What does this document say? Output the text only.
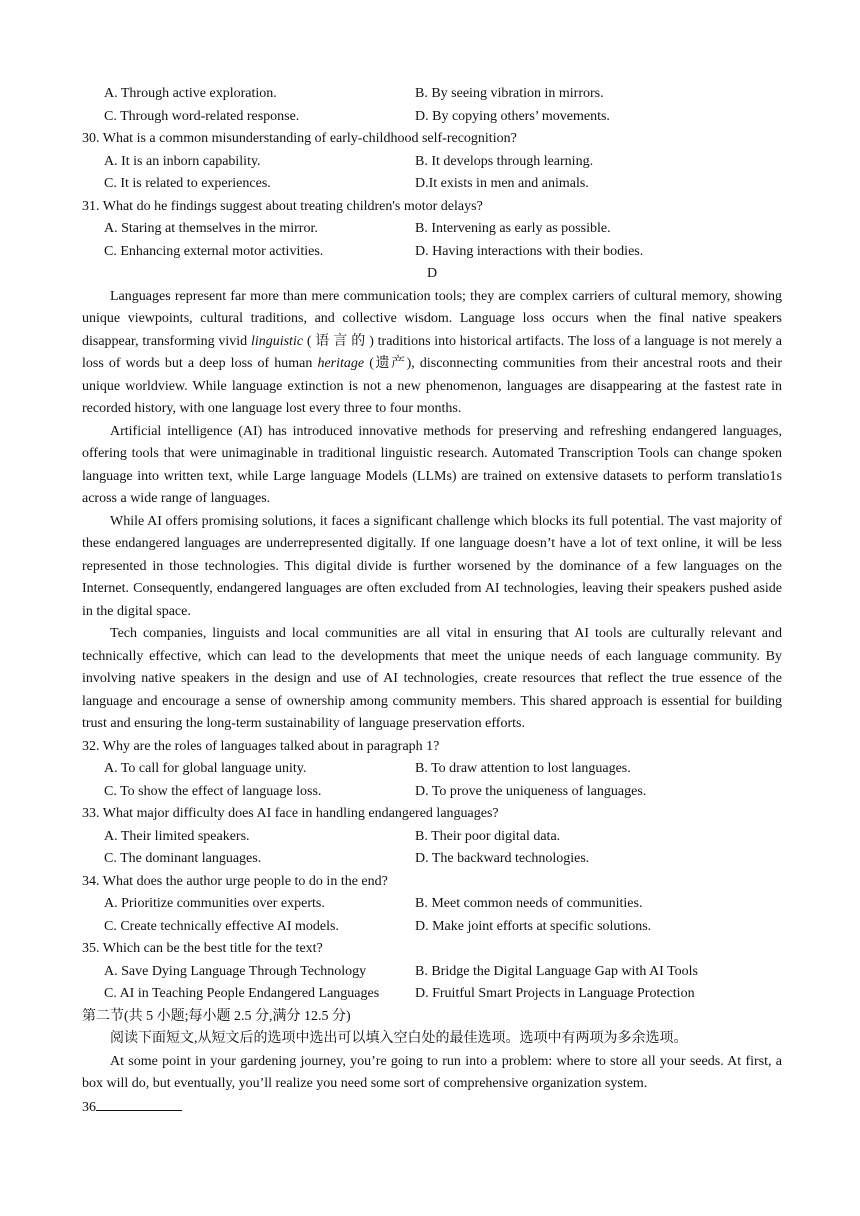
A. Through active exploration.	B. By seeing vibration in mirrors.
C. Through word-related response.	D. By copying others’ movements.

30. What is a common misunderstanding of early-childhood self-recognition?

A. It is an inborn capability.	B. It develops through learning.
C. It is related to experiences.	D.It exists in men and animals.

31. What do he findings suggest about treating children's motor delays?

A. Staring at themselves in the mirror.	B. Intervening as early as possible.
C. Enhancing external motor activities.	D. Having interactions with their bodies.
D

Languages represent far more than mere communication tools; they are complex carriers of cultural memory, showing unique viewpoints, cultural traditions, and collective wisdom. Language loss occurs when the final native speakers disappear, transforming vivid linguistic ( 语 言 的 ) traditions into historical artifacts. The loss of a language is not merely a loss of words but a deep loss of human heritage (遗产), disconnecting communities from their ancestral roots and their unique worldview. While language extinction is not a new phenomenon, languages are disappearing at the fastest rate in recorded history, with one language lost every three to four months.

Artificial intelligence (AI) has introduced innovative methods for preserving and refreshing endangered languages, offering tools that were unimaginable in traditional linguistic research. Automated Transcription Tools can change spoken language into written text, while Large language Models (LLMs) are trained on extensive datasets to perform translatio1s across a wide range of languages.

While AI offers promising solutions, it faces a significant challenge which blocks its full potential. The vast majority of these endangered languages are underrepresented digitally. If one language doesn’t have a lot of text online, it will be less represented in those technologies. This digital divide is further worsened by the dominance of a few languages on the Internet. Consequently, endangered languages are often excluded from AI technologies, leaving their speakers pushed aside in the digital space.

Tech companies, linguists and local communities are all vital in ensuring that AI tools are culturally relevant and technically effective, which can lead to the developments that meet the unique needs of each language community. By involving native speakers in the design and use of AI technologies, create resources that reflect the true essence of the language and encourage a sense of ownership among community members. This shared approach is essential for building trust and ensuring the long-term sustainability of language preservation efforts.

32. Why are the roles of languages talked about in paragraph 1?

A. To call for global language unity.	B. To draw attention to lost languages.
C. To show the effect of language loss.	D. To prove the uniqueness of languages.

33. What major difficulty does AI face in handling endangered languages?

A. Their limited speakers.	B. Their poor digital data.
C. The dominant languages.	D. The backward technologies.

34. What does the author urge people to do in the end?

A. Prioritize communities over experts.	B. Meet common needs of communities.
C. Create technically effective AI models.	D. Make joint efforts at specific solutions.

35. Which can be the best title for the text?

A. Save Dying Language Through Technology	B. Bridge the Digital Language Gap with AI Tools
C. AI in Teaching People Endangered Languages	D. Fruitful Smart Projects in Language Protection

第二节(共 5 小题;每小题 2.5 分,满分 12.5 分)

阅读下面短文,从短文后的选项中选出可以填入空白处的最佳选项。选项中有两项为多余选项。

At some point in your gardening journey, you’re going to run into a problem: where to store all your seeds. At first, a box will do, but eventually, you’ll realize you need some sort of comprehensive organization system.

36
